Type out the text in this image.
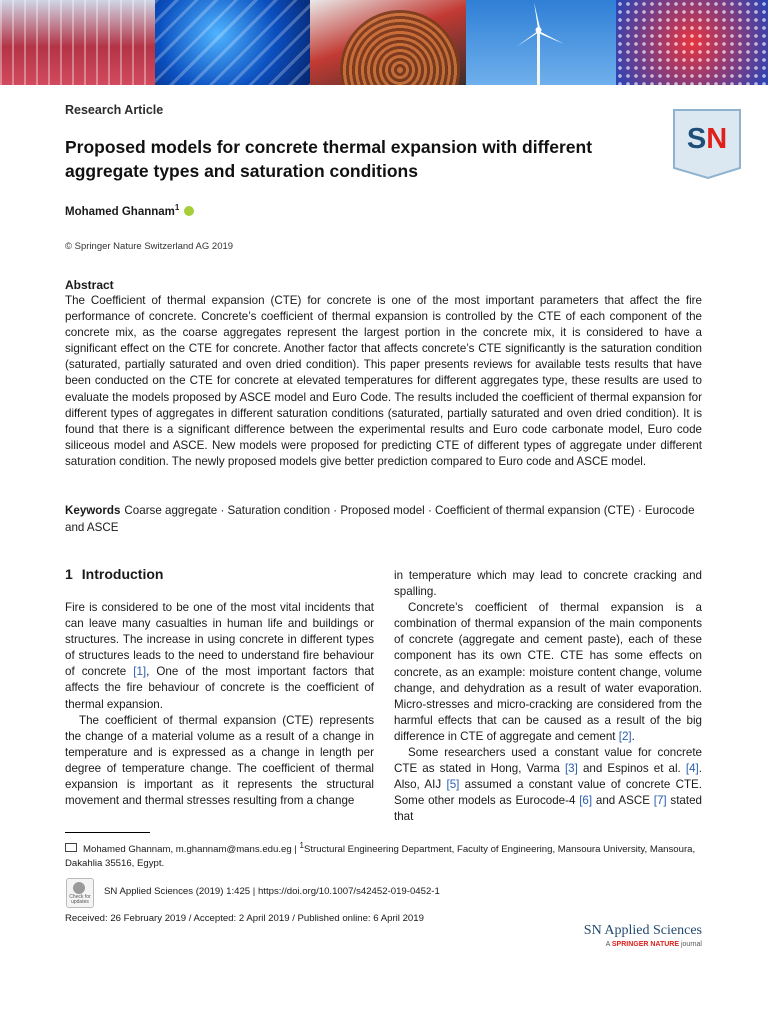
Research Article

Proposed models for concrete thermal expansion with different aggregate types and saturation conditions
SN

Mohamed Ghannam$^1$

© Springer Nature Switzerland AG 2019

Abstract

The Coefficient of thermal expansion (CTE) for concrete is one of the most important parameters that affect the fire performance of concrete. Concrete’s coefficient of thermal expansion is controlled by the CTE of each component of the concrete mix, as the coarse aggregates represent the largest portion in the concrete mix, it is considered to have a significant effect on the CTE for concrete. Another factor that affects concrete’s CTE significantly is the saturation condition (saturated, partially saturated and oven dried condition). This paper presents reviews for available tests results that have been conducted on the CTE for concrete at elevated temperatures for different aggregates type, these results are used to evaluate the models proposed by ASCE model and Euro Code. The results included the coefficient of thermal expansion for different types of aggregates in different saturation conditions (saturated, partially saturated and oven dried condition). It is found that there is a significant difference between the experimental results and Euro code carbonate model, Euro code siliceous model and ASCE. New models were proposed for predicting CTE of different types of aggregate under different saturation condition. The newly proposed models give better prediction compared to Euro code and ASCE model.

Keywords Coarse aggregate · Saturation condition · Proposed model · Coefficient of thermal expansion (CTE) · Eurocode and ASCE

1 Introduction

Fire is considered to be one of the most vital incidents that can leave many casualties in human life and buildings or structures. The increase in using concrete in different types of structures leads to the need to understand fire behaviour of concrete [1], One of the most important factors that affects the fire behaviour of concrete is the coefficient of thermal expansion.

The coefficient of thermal expansion (CTE) represents the change of a material volume as a result of a change in temperature and is expressed as a change in length per degree of temperature change. The coefficient of thermal expansion is important as it represents the structural movement and thermal stresses resulting from a change

in temperature which may lead to concrete cracking and spalling.

Concrete’s coefficient of thermal expansion is a combination of thermal expansion of the main components of concrete (aggregate and cement paste), each of these component has its own CTE. CTE has some effects on concrete, as an example: moisture content change, volume change, and dehydration as a result of water evaporation. Micro-stresses and micro-cracking are considered from the harmful effects that can be caused as a result of the big difference in CTE of aggregate and cement [2].

Some researchers used a constant value for concrete CTE as stated in Hong, Varma [3] and Espinos et al. [4]. Also, AIJ [5] assumed a constant value of concrete CTE. Some other models as Eurocode-4 [6] and ASCE [7] stated that

Mohamed Ghannam, m.ghannam@mans.edu.eg | $^1$Structural Engineering Department, Faculty of Engineering, Mansoura University, Mansoura, Dakahlia 35516, Egypt.

Check for updates

SN Applied Sciences (2019) 1:425 | https://doi.org/10.1007/s42452-019-0452-1

Received: 26 February 2019 / Accepted: 2 April 2019 / Published online: 6 April 2019

SN Applied Sciences
A SPRINGER NATURE journal
